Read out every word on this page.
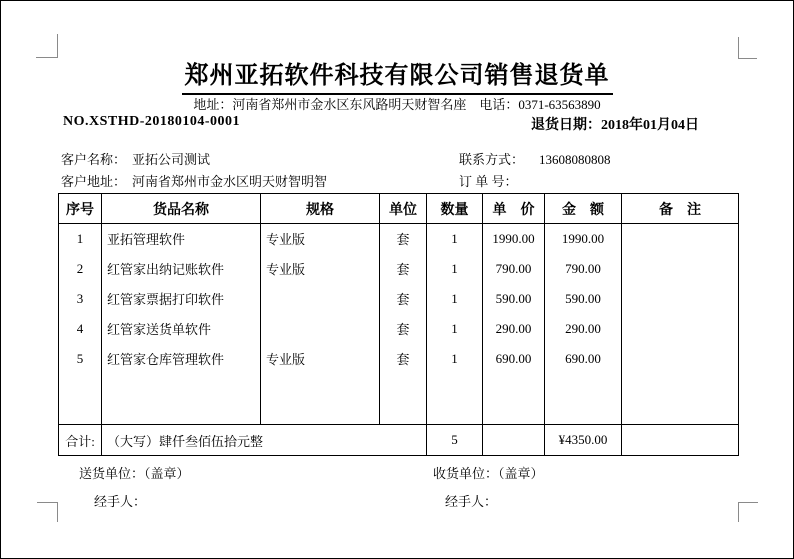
郑州亚拓软件科技有限公司销售退货单
地址：河南省郑州市金水区东风路明天财智名座　电话：0371-63563890
NO.XSTHD-20180104-0001	退货日期：2018年01月04日
客户名称： 亚拓公司测试	联系方式： 13608080808
客户地址： 河南省郑州市金水区明天财智明智	订 单 号：
序号	货品名称	规格	单位	数量	单　价	金　额	备　注
1	亚拓管理软件	专业版	套	1	1990.00	1990.00	
2	红管家出纳记账软件	专业版	套	1	790.00	790.00	
3	红管家票据打印软件		套	1	590.00	590.00	
4	红管家送货单软件		套	1	290.00	290.00	
5	红管家仓库管理软件	专业版	套	1	690.00	690.00	

合计:	（大写）肆仟叁佰伍拾元整			5		¥4350.00	
送货单位：（盖章）	收货单位：（盖章）
经手人：	经手人：
